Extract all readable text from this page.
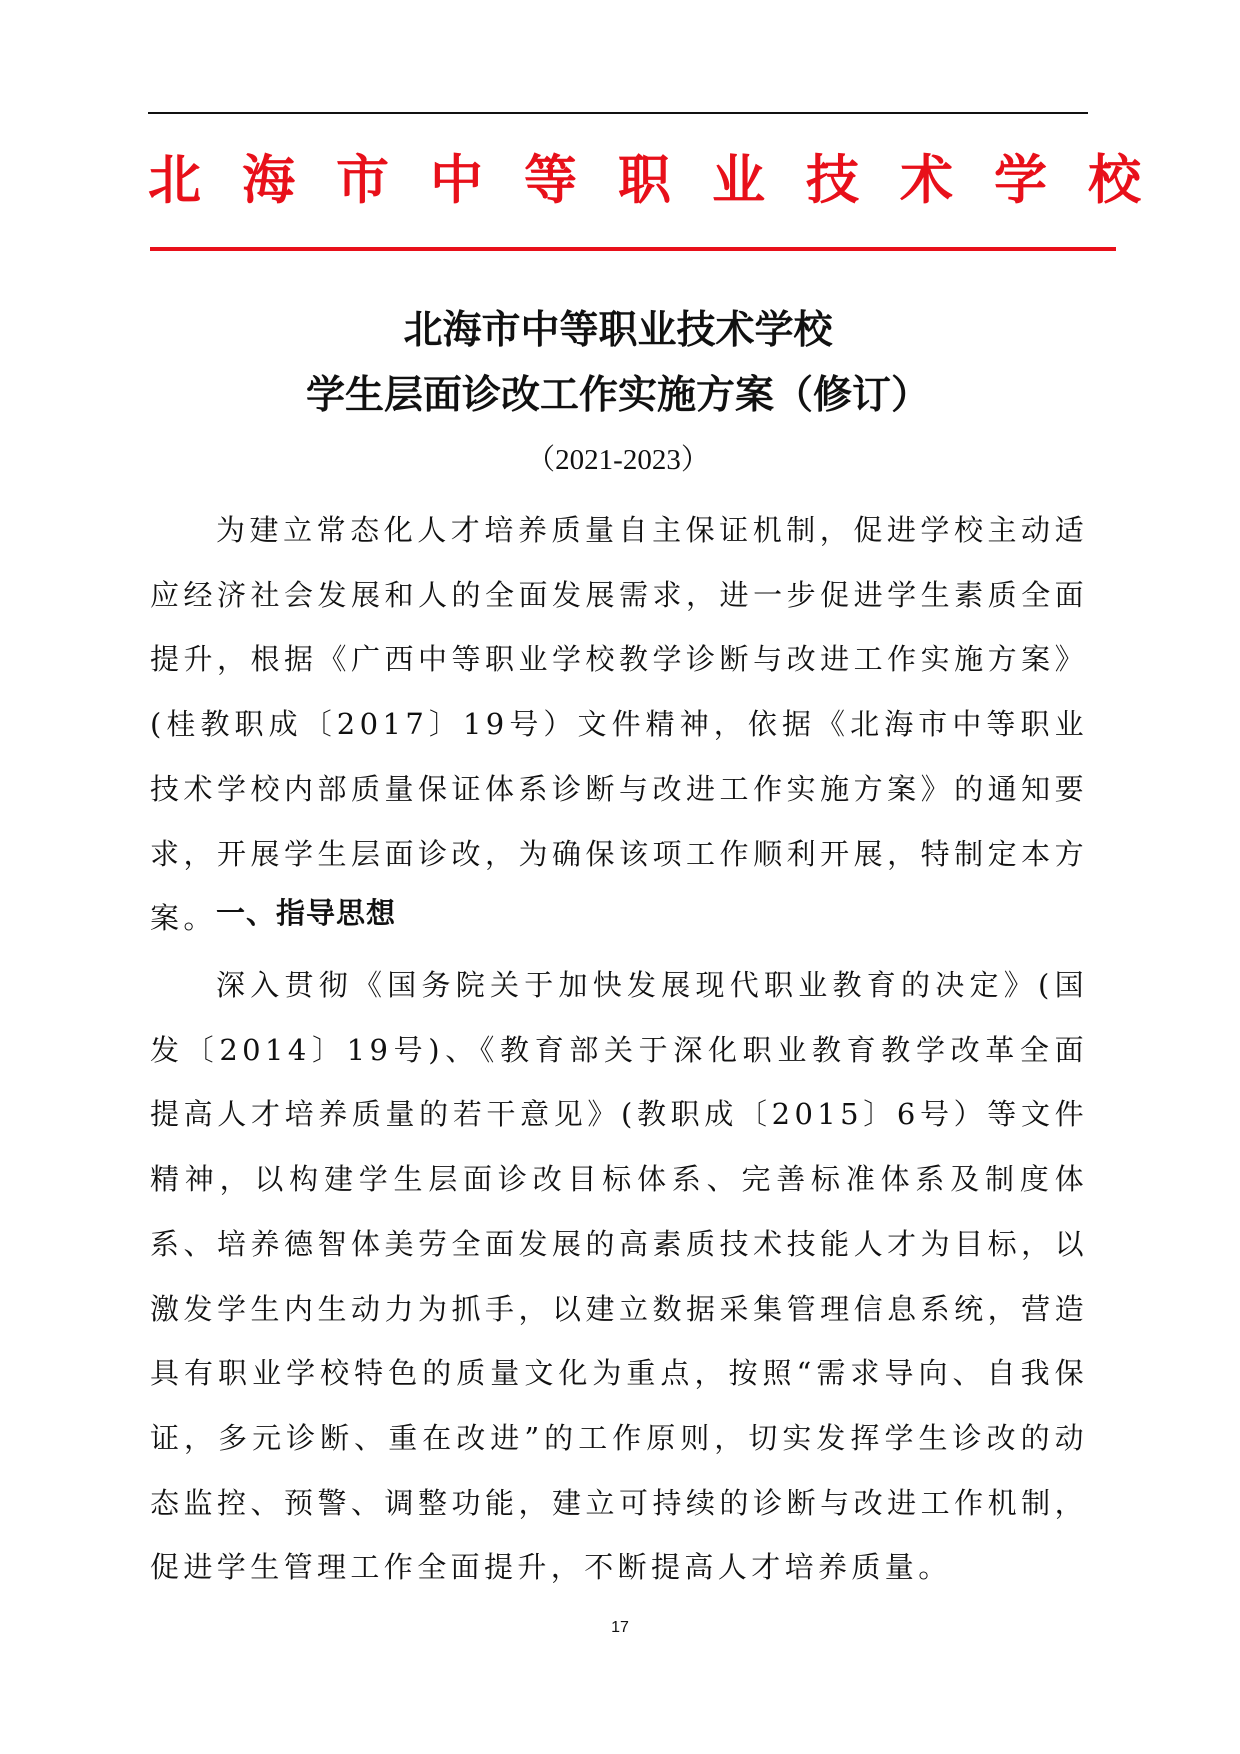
北海市中等职业技术学校
北海市中等职业技术学校
学生层面诊改工作实施方案（修订）
（2021-2023）

为建立常态化人才培养质量自主保证机制，促进学校主动适应经济社会发展和人的全面发展需求，进一步促进学生素质全面提升，根据《广西中等职业学校教学诊断与改进工作实施方案》(桂教职成〔2017〕19号）文件精神，依据《北海市中等职业技术学校内部质量保证体系诊断与改进工作实施方案》的通知要求，开展学生层面诊改，为确保该项工作顺利开展，特制定本方案。 一、指导思想

深入贯彻《国务院关于加快发展现代职业教育的决定》(国发〔2014〕19号)、《教育部关于深化职业教育教学改革全面提高人才培养质量的若干意见》(教职成〔2015〕6号）等文件精神，以构建学生层面诊改目标体系、完善标准体系及制度体系、培养德智体美劳全面发展的高素质技术技能人才为目标，以激发学生内生动力为抓手，以建立数据采集管理信息系统，营造具有职业学校特色的质量文化为重点，按照“需求导向、自我保证，多元诊断、重在改进”的工作原则，切实发挥学生诊改的动态监控、预警、调整功能，建立可持续的诊断与改进工作机制，促进学生管理工作全面提升，不断提高人才培养质量。

17
